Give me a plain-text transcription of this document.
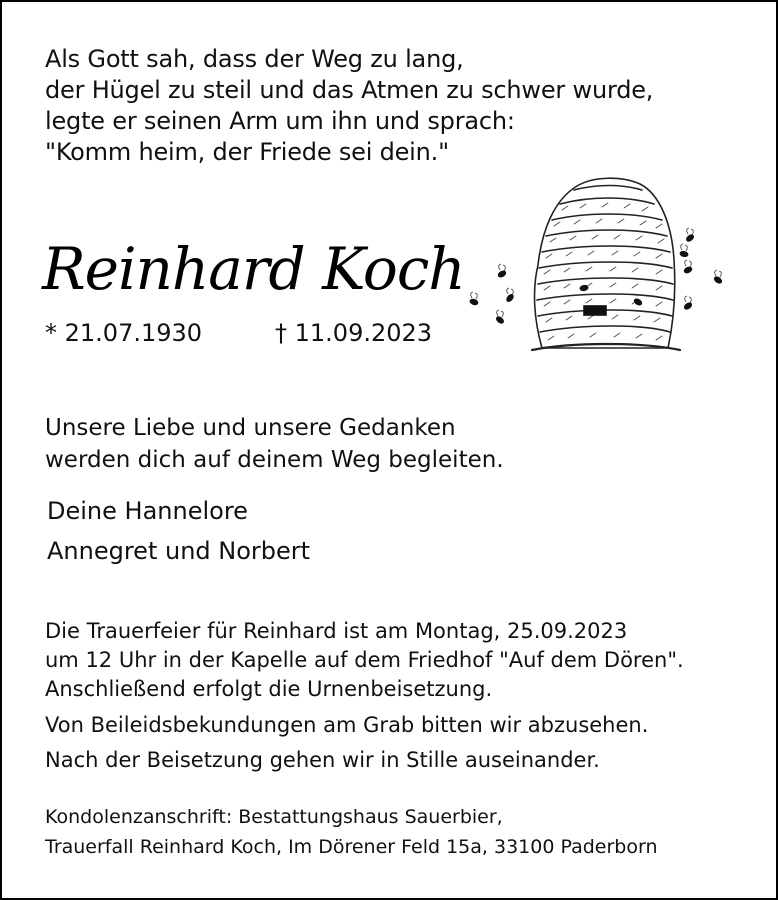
Als Gott sah, dass der Weg zu lang,
der Hügel zu steil und das Atmen zu schwer wurde,
legte er seinen Arm um ihn und sprach:
"Komm heim, der Friede sei dein."
Reinhard Koch
* 21.07.1930	† 11.09.2023
Unsere Liebe und unsere Gedanken
werden dich auf deinem Weg begleiten.
Deine Hannelore
Annegret und Norbert
Die Trauerfeier für Reinhard ist am Montag, 25.09.2023
um 12 Uhr in der Kapelle auf dem Friedhof "Auf dem Dören".
Anschließend erfolgt die Urnenbeisetzung.
Von Beileidsbekundungen am Grab bitten wir abzusehen.
Nach der Beisetzung gehen wir in Stille auseinander.
Kondolenzanschrift: Bestattungshaus Sauerbier,
Trauerfall Reinhard Koch, Im Dörener Feld 15a, 33100 Paderborn
